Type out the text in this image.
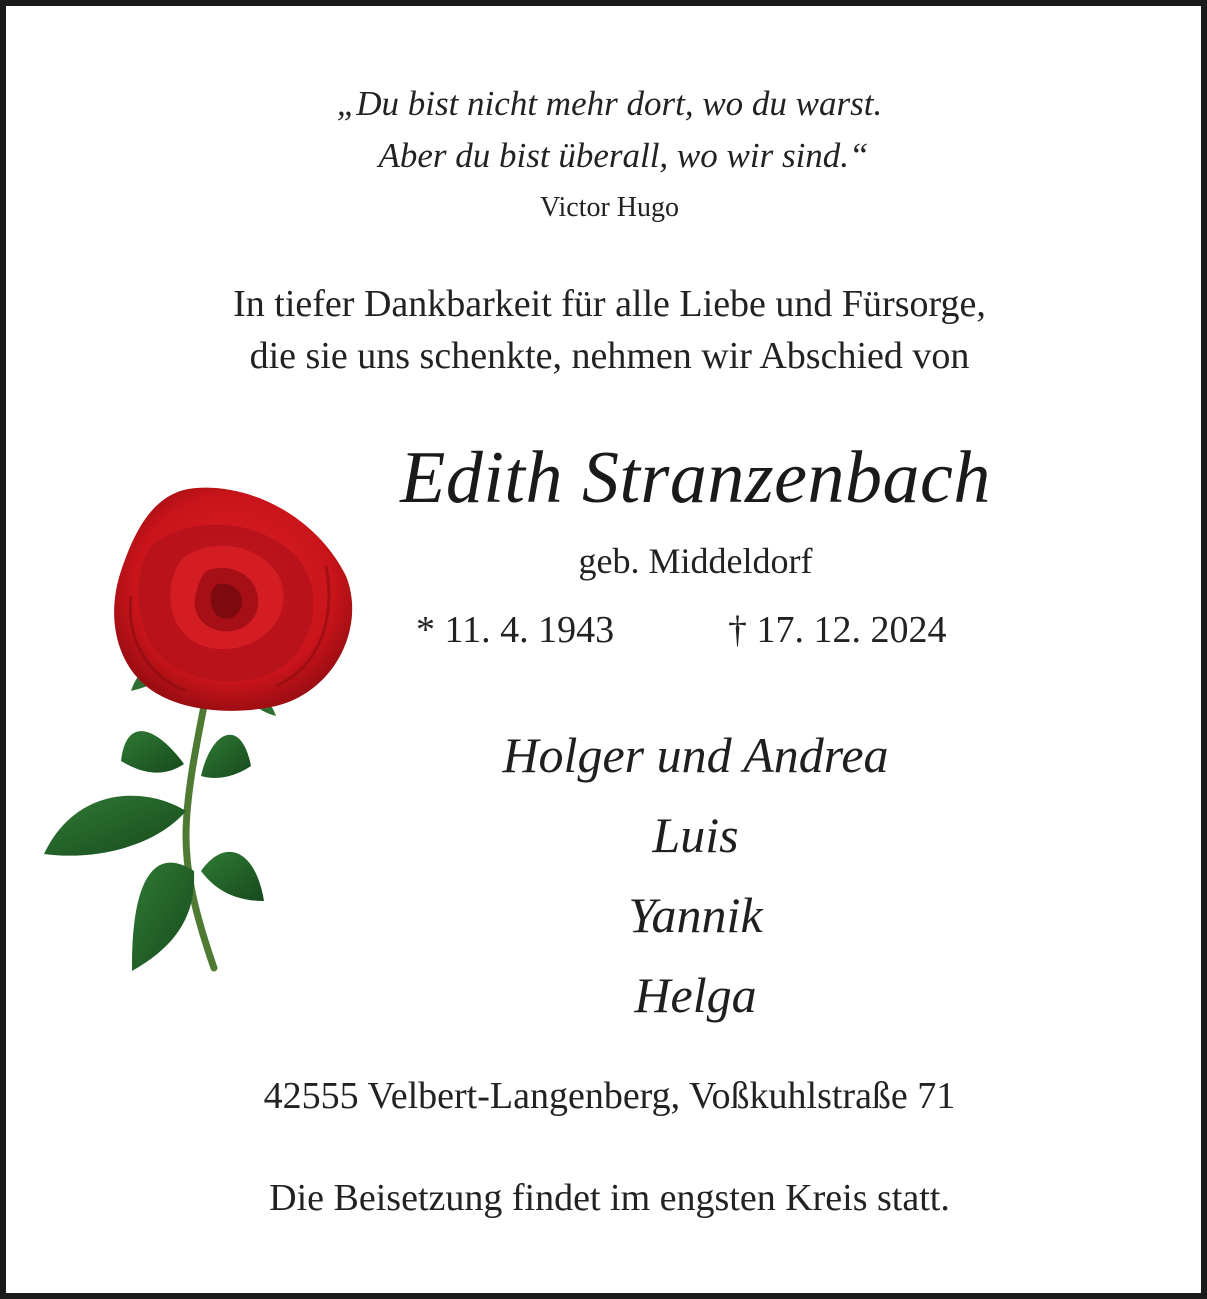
„Du bist nicht mehr dort, wo du warst.
Aber du bist überall, wo wir sind.“
Victor Hugo
In tiefer Dankbarkeit für alle Liebe und Fürsorge,
die sie uns schenkte, nehmen wir Abschied von
Edith Stranzenbach
geb. Middeldorf
* 11. 4. 1943	† 17. 12. 2024
Holger und Andrea
Luis
Yannik
Helga
42555 Velbert-Langenberg, Voßkuhlstraße 71
Die Beisetzung findet im engsten Kreis statt.
